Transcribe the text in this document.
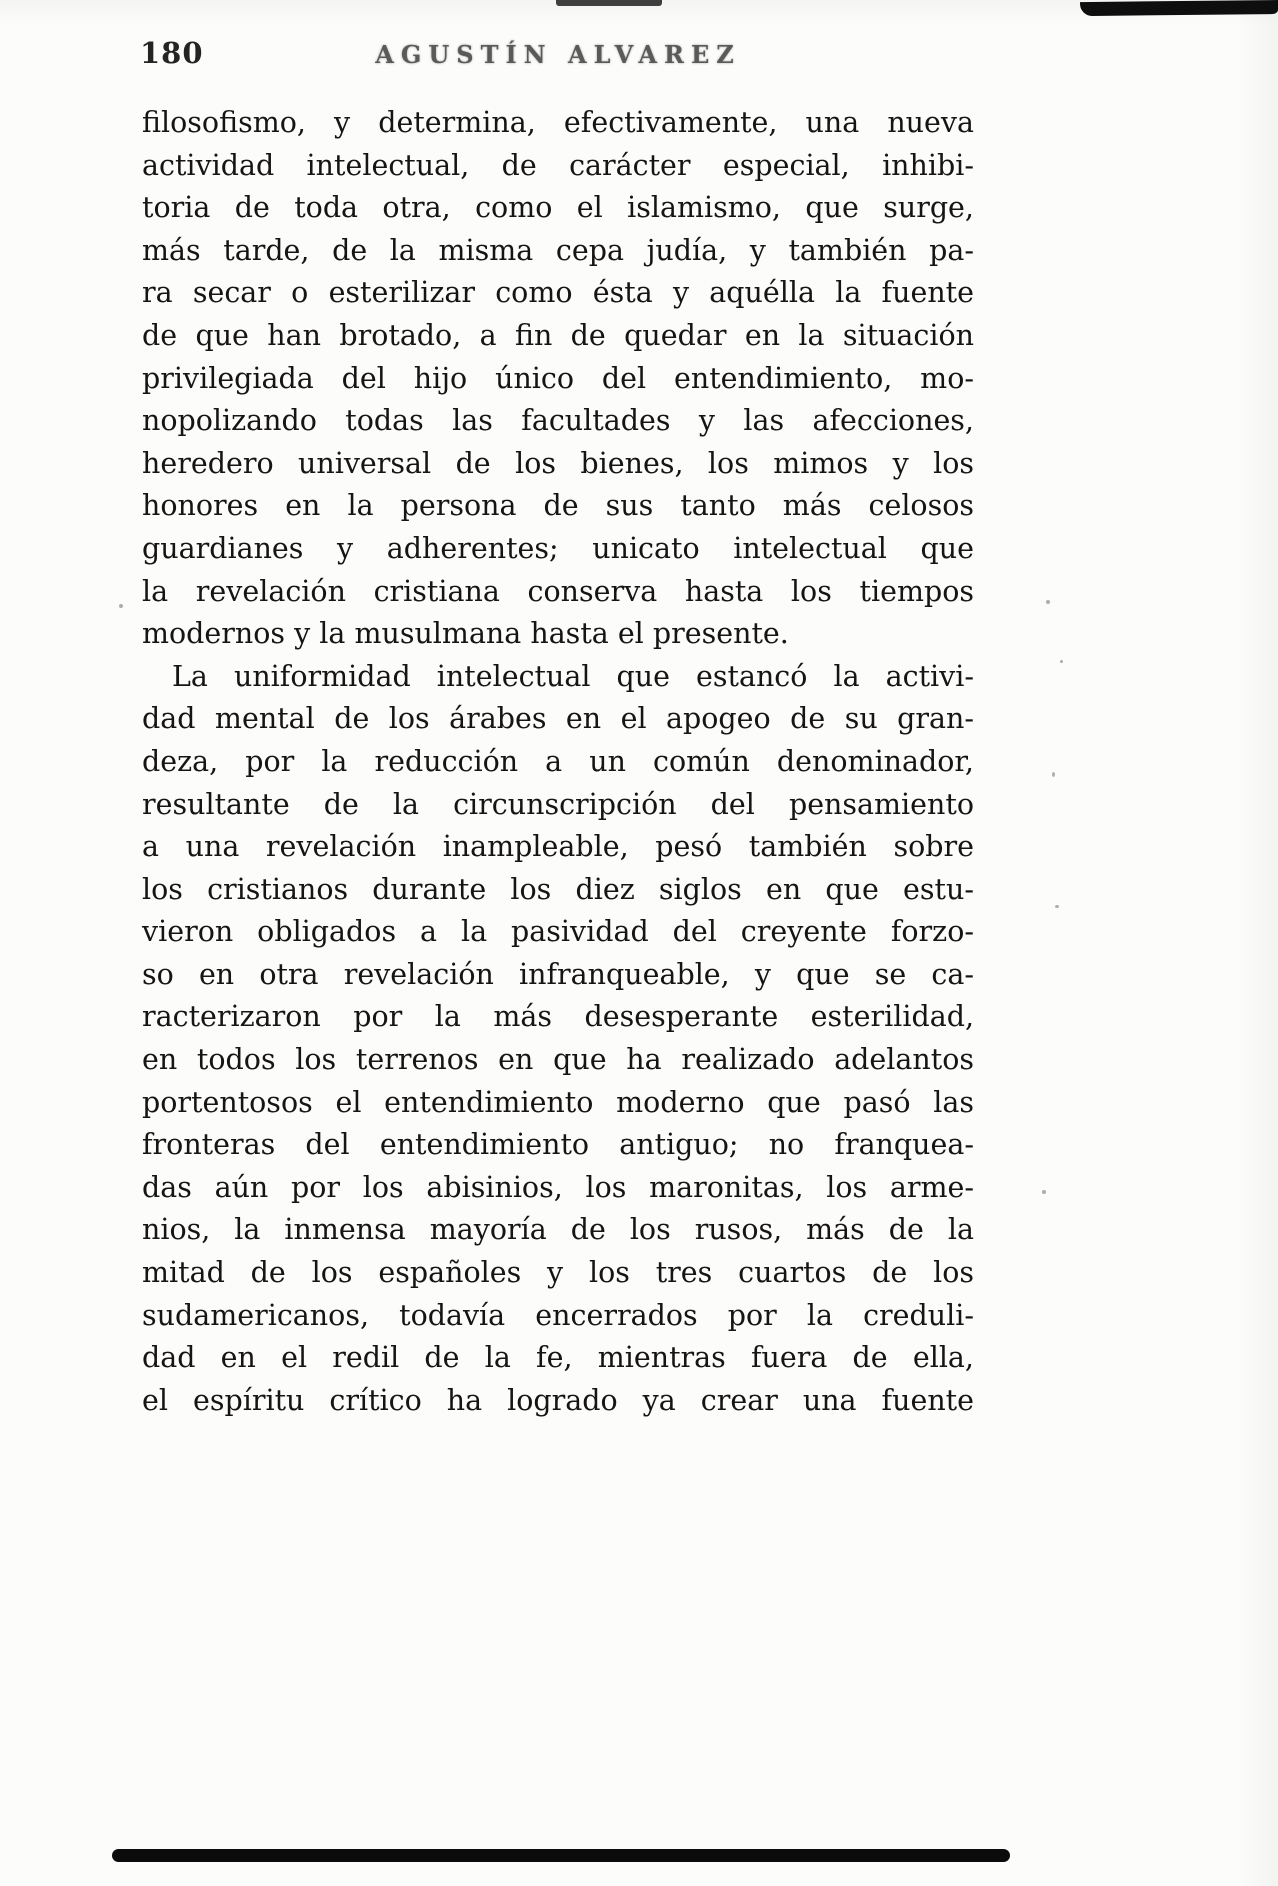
180	AGUSTÍN ALVAREZ
filosofismo, y determina, efectivamente, una nueva
actividad intelectual, de carácter especial, inhibi-
toria de toda otra, como el islamismo, que surge,
más tarde, de la misma cepa judía, y también pa-
ra secar o esterilizar como ésta y aquélla la fuente
de que han brotado, a fin de quedar en la situación
privilegiada del hijo único del entendimiento, mo-
nopolizando todas las facultades y las afecciones,
heredero universal de los bienes, los mimos y los
honores en la persona de sus tanto más celosos
guardianes y adherentes; unicato intelectual que
la revelación cristiana conserva hasta los tiempos
modernos y la musulmana hasta el presente.
La uniformidad intelectual que estancó la activi-
dad mental de los árabes en el apogeo de su gran-
deza, por la reducción a un común denominador,
resultante de la circunscripción del pensamiento
a una revelación inampleable, pesó también sobre
los cristianos durante los diez siglos en que estu-
vieron obligados a la pasividad del creyente forzo-
so en otra revelación infranqueable, y que se ca-
racterizaron por la más desesperante esterilidad,
en todos los terrenos en que ha realizado adelantos
portentosos el entendimiento moderno que pasó las
fronteras del entendimiento antiguo; no franquea-
das aún por los abisinios, los maronitas, los arme-
nios, la inmensa mayoría de los rusos, más de la
mitad de los españoles y los tres cuartos de los
sudamericanos, todavía encerrados por la creduli-
dad en el redil de la fe, mientras fuera de ella,
el espíritu crítico ha logrado ya crear una fuente
